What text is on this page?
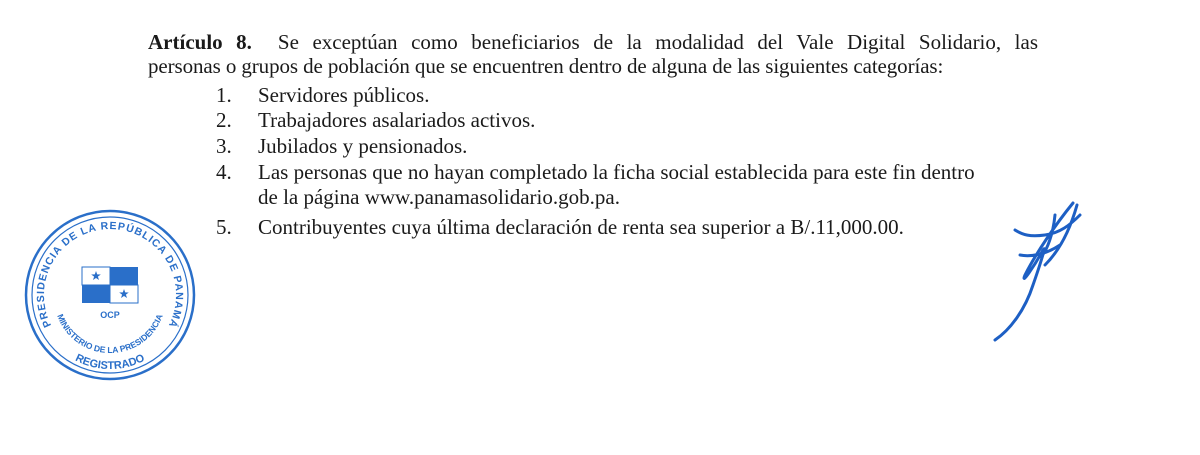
Artículo 8. Se exceptúan como beneficiarios de la modalidad del Vale Digital Solidario, las
personas o grupos de población que se encuentren dentro de alguna de las siguientes categorías:
1. Servidores públicos.
2. Trabajadores asalariados activos.
3. Jubilados y pensionados.
4. Las personas que no hayan completado la ficha social establecida para este fin dentro
de la página www.panamasolidario.gob.pa.
5. Contribuyentes cuya última declaración de renta sea superior a B/.11,000.00.
PRESIDENCIA DE LA REPÚBLICA DE PANAMÁ
REGISTRADO
MINISTERIO DE LA PRESIDENCIA
OCP
